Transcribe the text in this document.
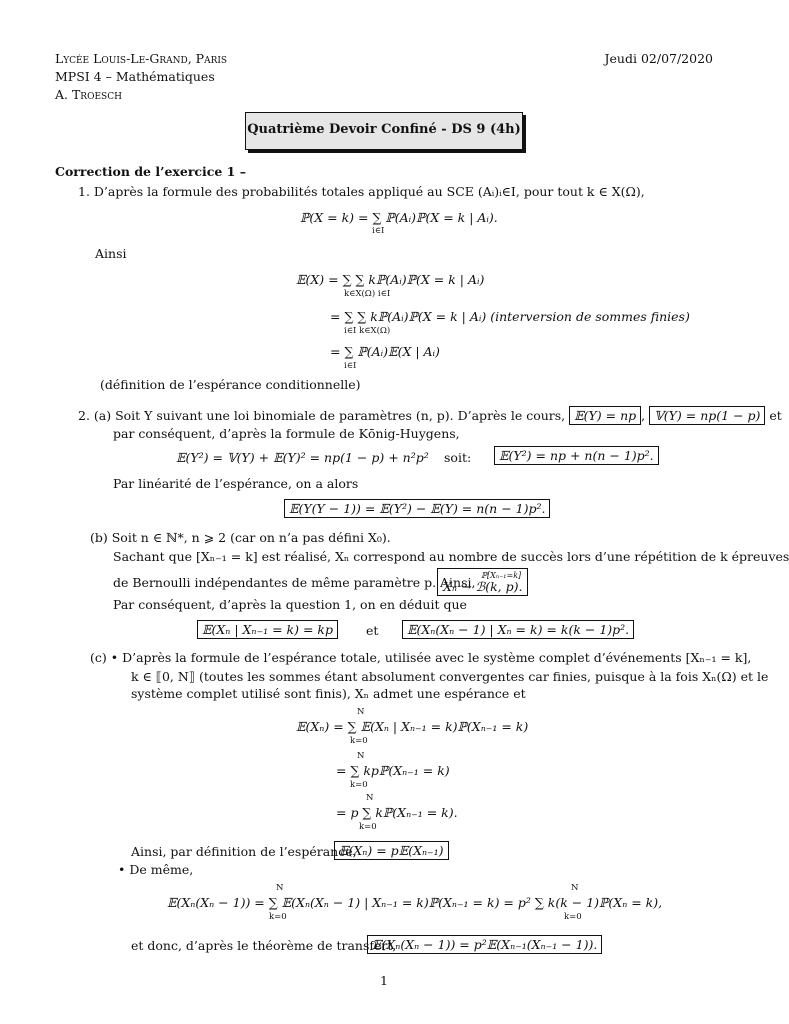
Lycée Louis-Le-Grand, Paris
MPSI 4 – Mathématiques
A. Troesch
Jeudi 02/07/2020
Quatrième Devoir Confiné - DS 9 (4h)
Correction de l’exercice 1 –
1. D’après la formule des probabilités totales appliqué au SCE (Aᵢ)ᵢ∈I, pour tout k ∈ X(Ω),
ℙ(X = k) = ∑ ℙ(Aᵢ)ℙ(X = k | Aᵢ).
i∈I
Ainsi
𝔼(X) = ∑ ∑ kℙ(Aᵢ)ℙ(X = k | Aᵢ)
k∈X(Ω) i∈I
= ∑ ∑ kℙ(Aᵢ)ℙ(X = k | Aᵢ) (interversion de sommes finies)
i∈I k∈X(Ω)
= ∑ ℙ(Aᵢ)𝔼(X | Aᵢ)
i∈I
(définition de l’espérance conditionnelle)
2. (a) Soit Y suivant une loi binomiale de paramètres (n, p). D’après le cours, 𝔼(Y) = np , 𝕍(Y) = np(1 − p) et
par conséquent, d’après la formule de Kōnig-Huygens,
𝔼(Y²) = 𝕍(Y) + 𝔼(Y)² = np(1 − p) + n²p² soit:	𝔼(Y²) = np + n(n − 1)p².
Par linéarité de l’espérance, on a alors
𝔼(Y(Y − 1)) = 𝔼(Y²) − 𝔼(Y) = n(n − 1)p².
(b) Soit n ∈ ℕ*, n ⩾ 2 (car on n’a pas défini X₀).
Sachant que [Xₙ₋₁ = k] est réalisé, Xₙ correspond au nombre de succès lors d’une répétition de k épreuves
de Bernoulli indépendantes de même paramètre p. Ainsi, ℙ[Xₙ₋₁=k]
Xₙ ↪ ℬ(k, p).
Par conséquent, d’après la question 1, on en déduit que
𝔼(Xₙ | Xₙ₋₁ = k) = kp	et	𝔼(Xₙ(Xₙ − 1) | Xₙ = k) = k(k − 1)p².
(c) • D’après la formule de l’espérance totale, utilisée avec le système complet d’événements [Xₙ₋₁ = k],
k ∈ ⟦0, N⟧ (toutes les sommes étant absolument convergentes car finies, puisque à la fois Xₙ(Ω) et le
système complet utilisé sont finis), Xₙ admet une espérance et
N
𝔼(Xₙ) = ∑ 𝔼(Xₙ | Xₙ₋₁ = k)ℙ(Xₙ₋₁ = k)
k=0
N
= ∑ kpℙ(Xₙ₋₁ = k)
k=0
N
= p ∑ kℙ(Xₙ₋₁ = k).
k=0
Ainsi, par définition de l’espérance,
𝔼(Xₙ) = p𝔼(Xₙ₋₁)
• De même,
N	N
𝔼(Xₙ(Xₙ − 1)) = ∑ 𝔼(Xₙ(Xₙ − 1) | Xₙ₋₁ = k)ℙ(Xₙ₋₁ = k) = p² ∑ k(k − 1)ℙ(Xₙ = k),
k=0	k=0
et donc, d’après le théorème de transfert,
𝔼(Xₙ(Xₙ − 1)) = p²𝔼(Xₙ₋₁(Xₙ₋₁ − 1)).
1
